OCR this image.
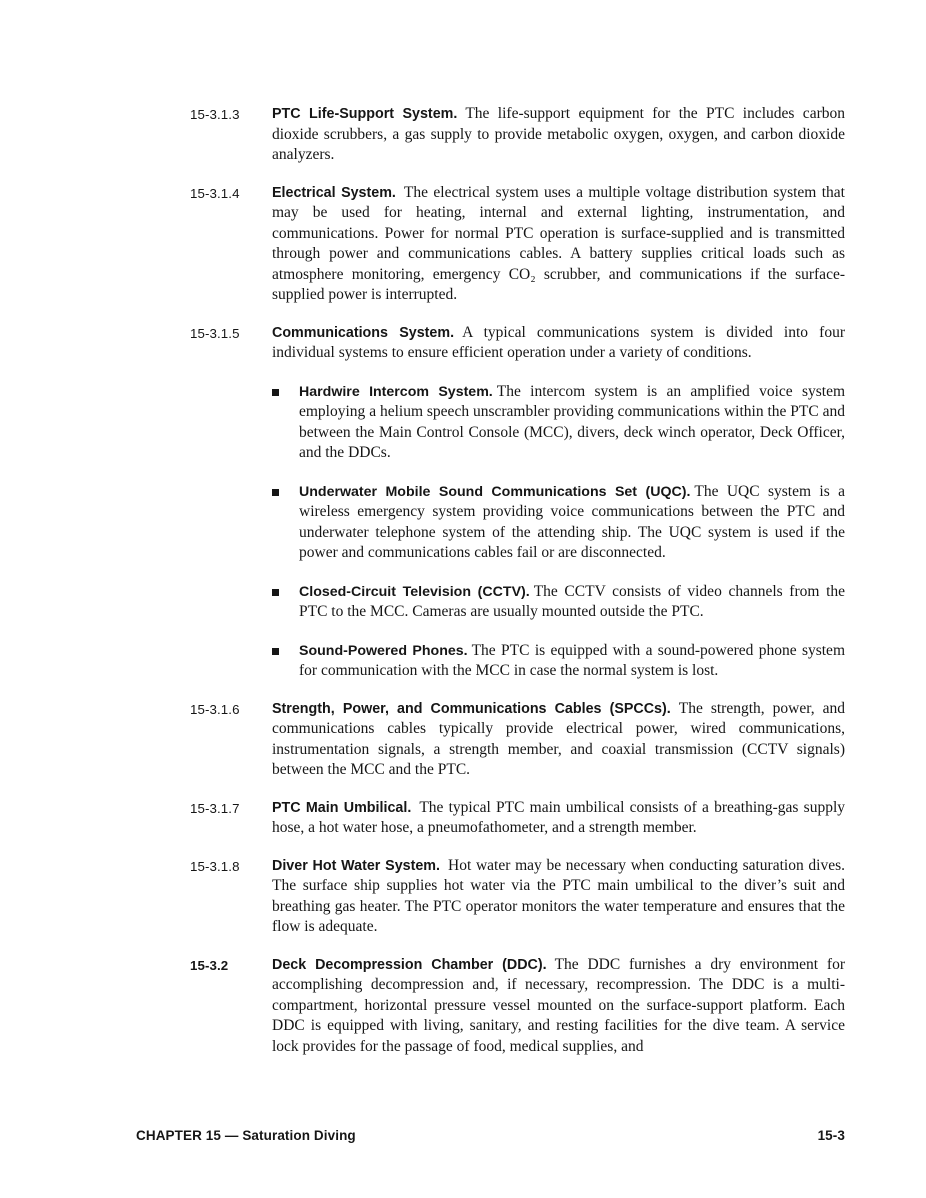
15-3.1.3	PTC Life-Support System. The life-support equipment for the PTC includes carbon dioxide scrubbers, a gas supply to provide metabolic oxygen, oxygen, and carbon dioxide analyzers.
15-3.1.4	Electrical System. The electrical system uses a multiple voltage distribution system that may be used for heating, internal and external lighting, instrumentation, and communications. Power for normal PTC operation is surface-supplied and is transmitted through power and communications cables. A battery supplies critical loads such as atmosphere monitoring, emergency CO₂ scrubber, and communications if the surface-supplied power is interrupted.
15-3.1.5	Communications System. A typical communications system is divided into four individual systems to ensure efficient operation under a variety of conditions.
Hardwire Intercom System. The intercom system is an amplified voice system employing a helium speech unscrambler providing communications within the PTC and between the Main Control Console (MCC), divers, deck winch operator, Deck Officer, and the DDCs.
Underwater Mobile Sound Communications Set (UQC). The UQC system is a wireless emergency system providing voice communications between the PTC and underwater telephone system of the attending ship. The UQC system is used if the power and communications cables fail or are disconnected.
Closed-Circuit Television (CCTV). The CCTV consists of video channels from the PTC to the MCC. Cameras are usually mounted outside the PTC.
Sound-Powered Phones. The PTC is equipped with a sound-powered phone system for communication with the MCC in case the normal system is lost.
15-3.1.6	Strength, Power, and Communications Cables (SPCCs). The strength, power, and communications cables typically provide electrical power, wired communications, instrumentation signals, a strength member, and coaxial transmission (CCTV signals) between the MCC and the PTC.
15-3.1.7	PTC Main Umbilical. The typical PTC main umbilical consists of a breathing-gas supply hose, a hot water hose, a pneumofathometer, and a strength member.
15-3.1.8	Diver Hot Water System. Hot water may be necessary when conducting saturation dives. The surface ship supplies hot water via the PTC main umbilical to the diver’s suit and breathing gas heater. The PTC operator monitors the water temperature and ensures that the flow is adequate.
15-3.2	Deck Decompression Chamber (DDC). The DDC furnishes a dry environment for accomplishing decompression and, if necessary, recompression. The DDC is a multi-compartment, horizontal pressure vessel mounted on the surface-support platform. Each DDC is equipped with living, sanitary, and resting facilities for the dive team. A service lock provides for the passage of food, medical supplies, and
CHAPTER 15 — Saturation Diving	15-3
